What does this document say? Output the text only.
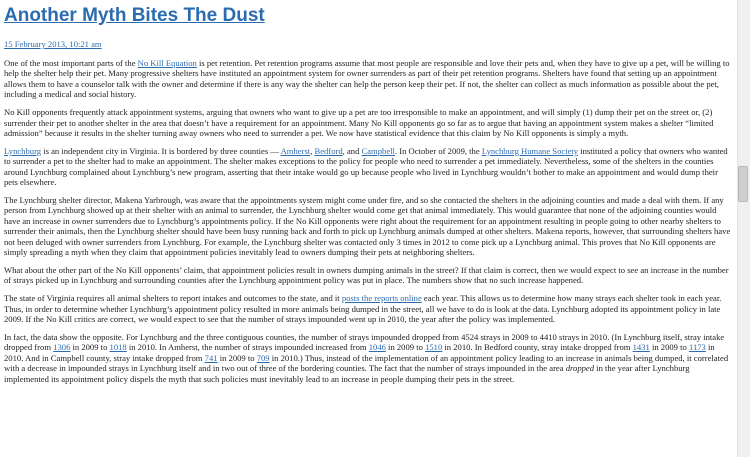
Another Myth Bites The Dust
15 February 2013, 10:21 am

One of the most important parts of the No Kill Equation is pet retention. Pet retention programs assume that most people are responsible and love their pets and, when they have to give up a pet, will be willing to help the shelter help their pet. Many progressive shelters have instituted an appointment system for owner surrenders as part of their pet retention programs. Shelters have found that setting up an appointment allows them to have a counselor talk with the owner and determine if there is any way the shelter can help the person keep their pet. If not, the shelter can collect as much information as possible about the pet, including a medical and social history.

No Kill opponents frequently attack appointment systems, arguing that owners who want to give up a pet are too irresponsible to make an appointment, and will simply (1) dump their pet on the street or, (2) surrender their pet to another shelter in the area that doesn’t have a requirement for an appointment. Many No Kill opponents go so far as to argue that having an appointment system makes a shelter “limited admission” because it results in the shelter turning away owners who need to surrender a pet. We now have statistical evidence that this claim by No Kill opponents is simply a myth.

Lynchburg is an independent city in Virginia. It is bordered by three counties — Amherst, Bedford, and Campbell. In October of 2009, the Lynchburg Humane Society instituted a policy that owners who wanted to surrender a pet to the shelter had to make an appointment. The shelter makes exceptions to the policy for people who need to surrender a pet immediately. Nevertheless, some of the shelters in the counties around Lynchburg complained about Lynchburg’s new program, asserting that their intake would go up because people who lived in Lynchburg wouldn’t bother to make an appointment and would dump their pets elsewhere.

The Lynchburg shelter director, Makena Yarbrough, was aware that the appointments system might come under fire, and so she contacted the shelters in the adjoining counties and made a deal with them. If any person from Lynchburg showed up at their shelter with an animal to surrender, the Lynchburg shelter would come get that animal immediately. This would guarantee that none of the adjoining counties would have an increase in owner surrenders due to Lynchburg’s appointments policy. If the No Kill opponents were right about the requirement for an appointment resulting in people going to other nearby shelters to surrender their animals, then the Lynchburg shelter should have been busy running back and forth to pick up Lynchburg animals dumped at other shelters. Makena reports, however, that surrounding shelters have not been deluged with owner surrenders from Lynchburg. For example, the Lynchburg shelter was contacted only 3 times in 2012 to come pick up a Lynchburg animal. This proves that No Kill opponents are simply spreading a myth when they claim that appointment policies inevitably lead to owners dumping their pets at neighboring shelters.

What about the other part of the No Kill opponents’ claim, that appointment policies result in owners dumping animals in the street? If that claim is correct, then we would expect to see an increase in the number of strays picked up in Lynchburg and surrounding counties after the Lynchburg appointment policy was put in place. The numbers show that no such increase happened.

The state of Virginia requires all animal shelters to report intakes and outcomes to the state, and it posts the reports online each year. This allows us to determine how many strays each shelter took in each year. Thus, in order to determine whether Lynchburg’s appointment policy resulted in more animals being dumped in the street, all we have to do is look at the data. Lynchburg adopted its appointment policy in late 2009. If the No Kill critics are correct, we would expect to see that the number of strays impounded went up in 2010, the year after the policy was implemented.

In fact, the data show the opposite. For Lynchburg and the three contiguous counties, the number of strays impounded dropped from 4524 strays in 2009 to 4410 strays in 2010. (In Lynchburg itself, stray intake dropped from 1306 in 2009 to 1018 in 2010. In Amherst, the number of strays impounded increased from 1046 in 2009 to 1510 in 2010. In Bedford county, stray intake dropped from 1431 in 2009 to 1173 in 2010. And in Campbell county, stray intake dropped from 741 in 2009 to 709 in 2010.) Thus, instead of the implementation of an appointment policy leading to an increase in animals being dumped, it correlated with a decrease in impounded strays in Lynchburg itself and in two out of three of the bordering counties. The fact that the number of strays impounded in the area dropped in the year after Lynchburg implemented its appointment policy dispels the myth that such policies must inevitably lead to an increase in people dumping their pets in the street.
